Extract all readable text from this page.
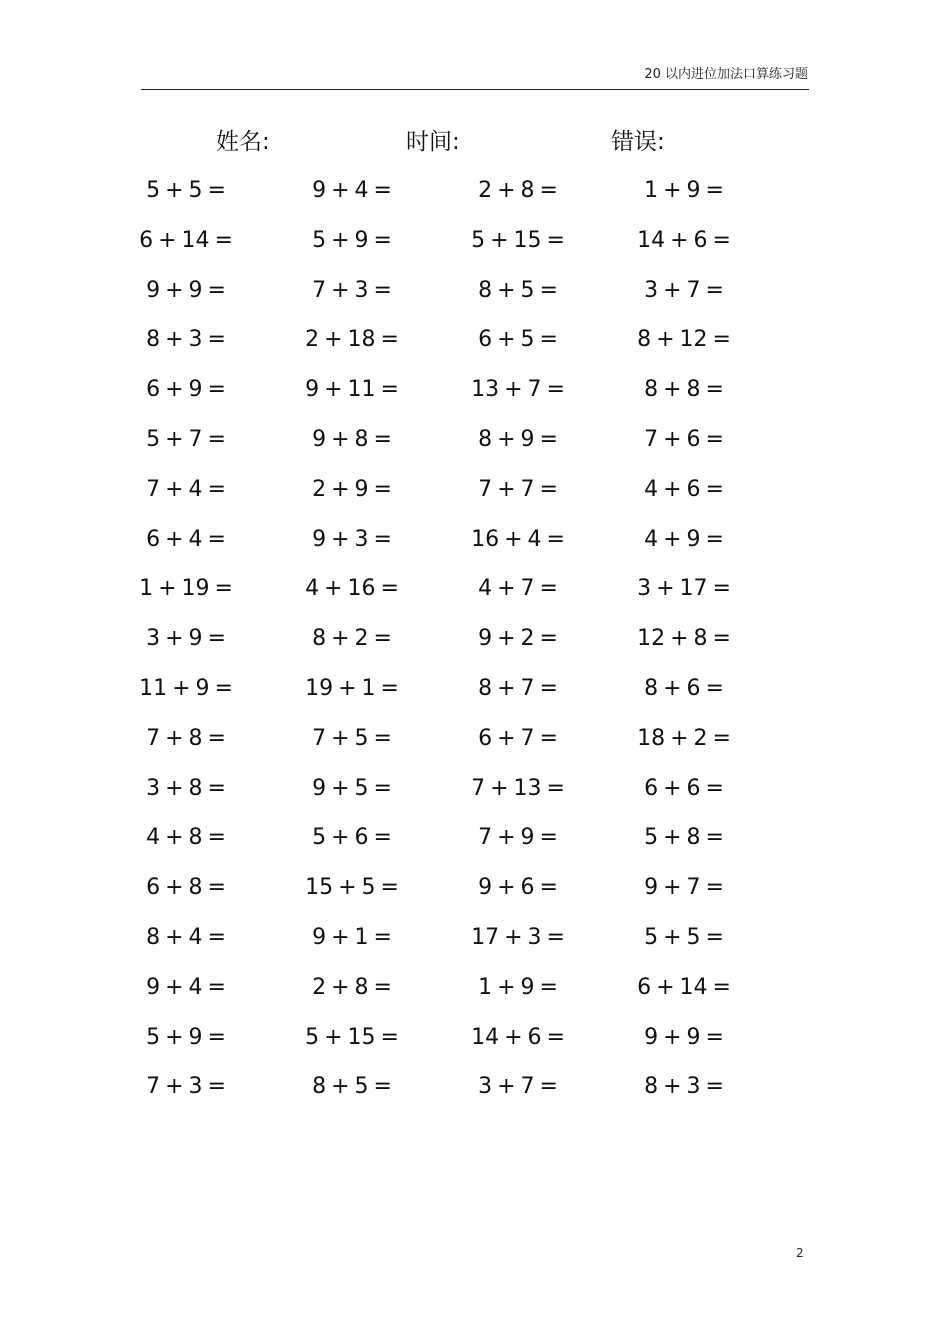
20 以内进位加法口算练习题
姓名:	时间:	错误:
5 + 5 =	9 + 4 =	2 + 8 =	1 + 9 =
6 + 14 =	5 + 9 =	5 + 15 =	14 + 6 =
9 + 9 =	7 + 3 =	8 + 5 =	3 + 7 =
8 + 3 =	2 + 18 =	6 + 5 =	8 + 12 =
6 + 9 =	9 + 11 =	13 + 7 =	8 + 8 =
5 + 7 =	9 + 8 =	8 + 9 =	7 + 6 =
7 + 4 =	2 + 9 =	7 + 7 =	4 + 6 =
6 + 4 =	9 + 3 =	16 + 4 =	4 + 9 =
1 + 19 =	4 + 16 =	4 + 7 =	3 + 17 =
3 + 9 =	8 + 2 =	9 + 2 =	12 + 8 =
11 + 9 =	19 + 1 =	8 + 7 =	8 + 6 =
7 + 8 =	7 + 5 =	6 + 7 =	18 + 2 =
3 + 8 =	9 + 5 =	7 + 13 =	6 + 6 =
4 + 8 =	5 + 6 =	7 + 9 =	5 + 8 =
6 + 8 =	15 + 5 =	9 + 6 =	9 + 7 =
8 + 4 =	9 + 1 =	17 + 3 =	5 + 5 =
9 + 4 =	2 + 8 =	1 + 9 =	6 + 14 =
5 + 9 =	5 + 15 =	14 + 6 =	9 + 9 =
7 + 3 =	8 + 5 =	3 + 7 =	8 + 3 =
2
